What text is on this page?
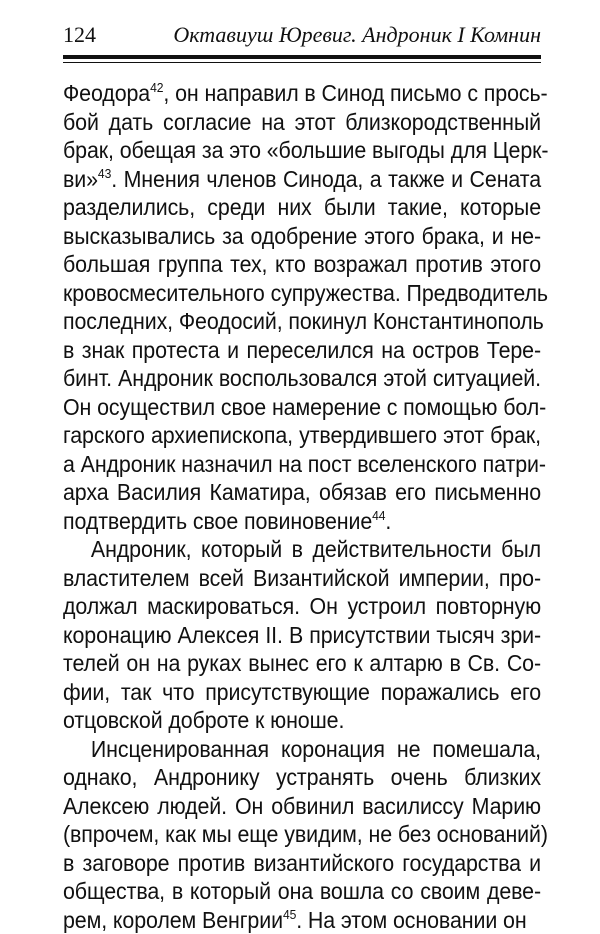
124	Октавиуш Юревиг. Андроник I Комнин
Феодора$^{42}$, он направил в Синод письмо с прось-
бой дать согласие на этот близкородственный
брак, обещая за это «большие выгоды для Церк-
ви»$^{43}$. Мнения членов Синода, а также и Сената
разделились, среди них были такие, которые
высказывались за одобрение этого брака, и не-
большая группа тех, кто возражал против этого
кровосмесительного супружества. Предводитель
последних, Феодосий, покинул Константинополь
в знак протеста и переселился на остров Тере-
бинт. Андроник воспользовался этой ситуацией.
Он осуществил свое намерение с помощью бол-
гарского архиепископа, утвердившего этот брак,
а Андроник назначил на пост вселенского патри-
арха Василия Каматира, обязав его письменно
подтвердить свое повиновение$^{44}$.
Андроник, который в действительности был
властителем всей Византийской империи, про-
должал маскироваться. Он устроил повторную
коронацию Алексея II. В присутствии тысяч зри-
телей он на руках вынес его к алтарю в Св. Со-
фии, так что присутствующие поражались его
отцовской доброте к юноше.
Инсценированная коронация не помешала,
однако, Андронику устранять очень близких
Алексею людей. Он обвинил василиссу Марию
(впрочем, как мы еще увидим, не без оснований)
в заговоре против византийского государства и
общества, в который она вошла со своим деве-
рем, королем Венгрии$^{45}$. На этом основании он
